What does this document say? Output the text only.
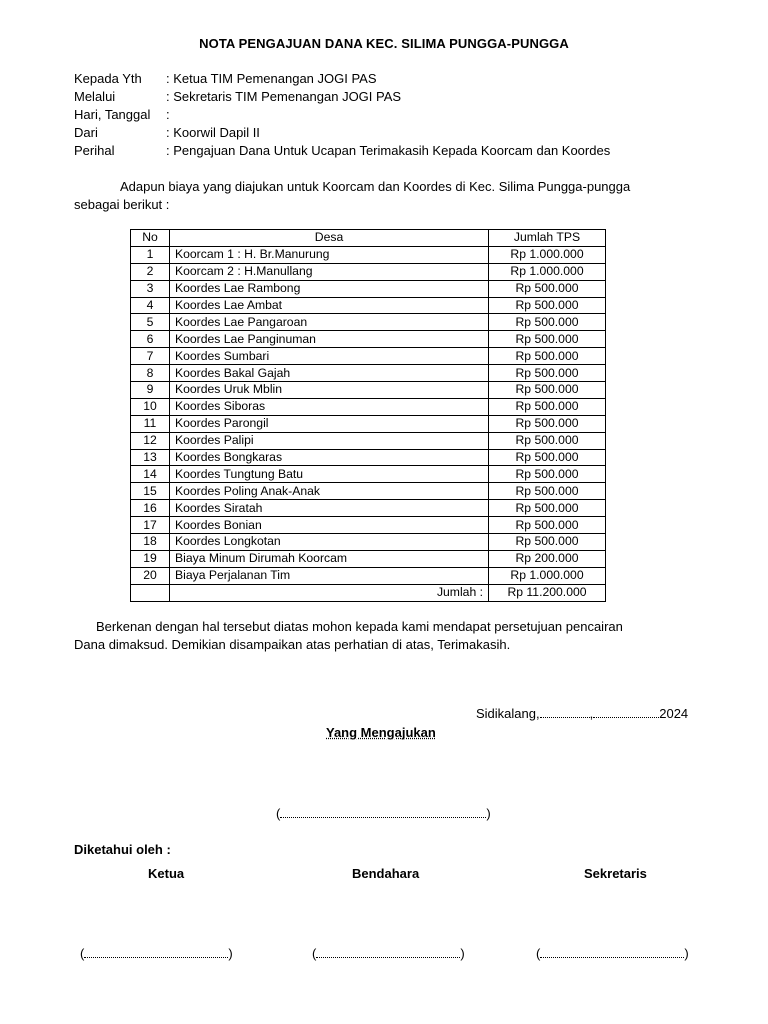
NOTA PENGAJUAN DANA KEC. SILIMA PUNGGA-PUNGGA
Kepada Yth : Ketua TIM Pemenangan JOGI PAS
Melalui	: Sekretaris TIM Pemenangan JOGI PAS
Hari, Tanggal :
Dari	: Koorwil Dapil II
Perihal	: Pengajuan Dana Untuk Ucapan Terimakasih Kepada Koorcam dan Koordes
Adapun biaya yang diajukan untuk Koorcam dan Koordes di Kec. Silima Pungga-pungga
sebagai berikut :
No	Desa	Jumlah TPS
1	Koorcam 1 : H. Br.Manurung	Rp 1.000.000
2	Koorcam 2 : H.Manullang	Rp 1.000.000
3	Koordes Lae Rambong	Rp 500.000
4	Koordes Lae Ambat	Rp 500.000
5	Koordes Lae Pangaroan	Rp 500.000
6	Koordes Lae Panginuman	Rp 500.000
7	Koordes Sumbari	Rp 500.000
8	Koordes Bakal Gajah	Rp 500.000
9	Koordes Uruk Mblin	Rp 500.000
10	Koordes Siboras	Rp 500.000
11	Koordes Parongil	Rp 500.000
12	Koordes Palipi	Rp 500.000
13	Koordes Bongkaras	Rp 500.000
14	Koordes Tungtung Batu	Rp 500.000
15	Koordes Poling Anak-Anak	Rp 500.000
16	Koordes Siratah	Rp 500.000
17	Koordes Bonian	Rp 500.000
18	Koordes Longkotan	Rp 500.000
19	Biaya Minum Dirumah Koorcam	Rp 200.000
20	Biaya Perjalanan Tim	Rp 1.000.000
	Jumlah :	Rp 11.200.000
Berkenan dengan hal tersebut diatas mohon kepada kami mendapat persetujuan pencairan
Dana dimaksud. Demikian disampaikan atas perhatian di atas, Terimakasih.
Sidikalang,	,	2024
Yang Mengajukan
(	)
Diketahui oleh :
Ketua	Bendahara	Sekretaris
(	)	(	)	(	)
